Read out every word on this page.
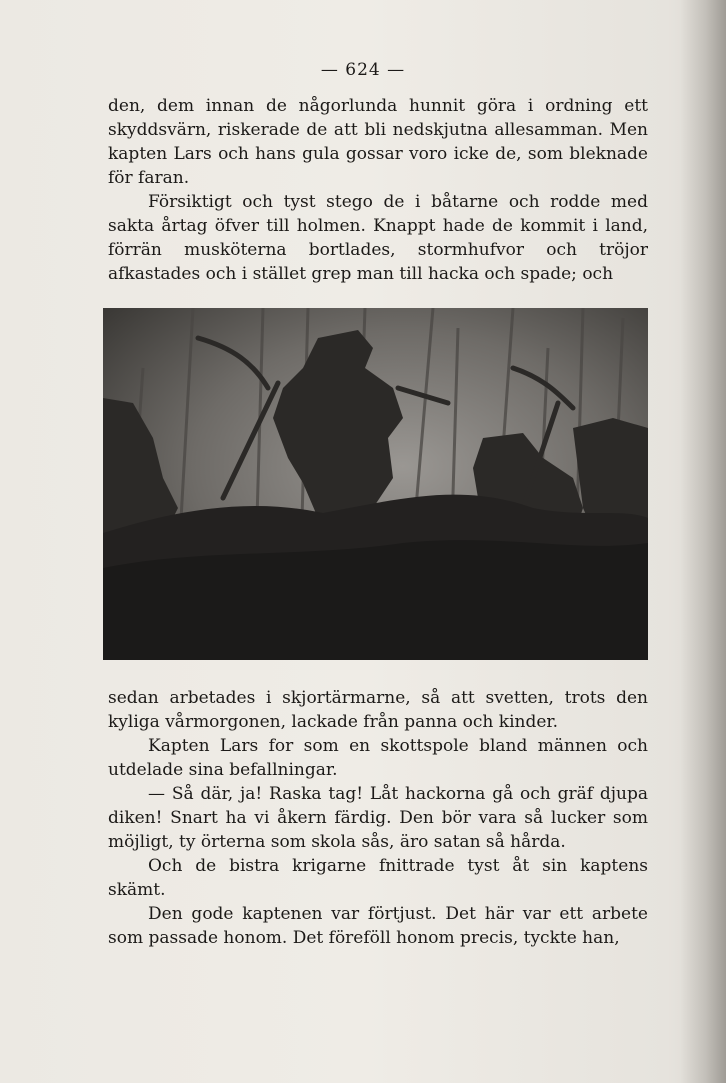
— 624 —

den, dem innan de någorlunda hunnit göra i ordning ett skyddsvärn, riskerade de att bli nedskjutna allesamman. Men kapten Lars och hans gula gossar voro icke de, som bleknade för faran.

Försiktigt och tyst stego de i båtarne och rodde med sakta årtag öfver till holmen. Knappt hade de kommit i land, förrän musköterna bortlades, stormhufvor och tröjor afkastades och i stället grep man till hacka och spade; och

sedan arbetades i skjortärmarne, så att svetten, trots den kyliga vårmorgonen, lackade från panna och kinder.

Kapten Lars for som en skottspole bland männen och utdelade sina befallningar.

— Så där, ja! Raska tag! Låt hackorna gå och gräf djupa diken! Snart ha vi åkern färdig. Den bör vara så lucker som möjligt, ty örterna som skola sås, äro satan så hårda.

Och de bistra krigarne fnittrade tyst åt sin kaptens skämt.

Den gode kaptenen var förtjust. Det här var ett arbete som passade honom. Det föreföll honom precis, tyckte han,
